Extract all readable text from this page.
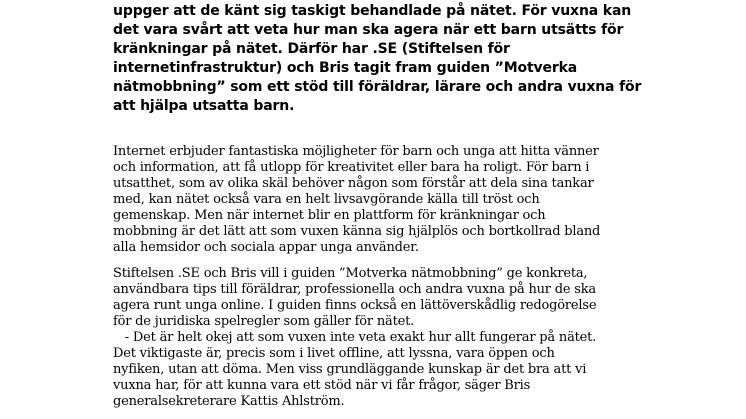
uppger att de känt sig taskigt behandlade på nätet. För vuxna kan
det vara svårt att veta hur man ska agera när ett barn utsätts för
kränkningar på nätet. Därför har .SE (Stiftelsen för
internetinfrastruktur) och Bris tagit fram guiden ”Motverka
nätmobbning” som ett stöd till föräldrar, lärare och andra vuxna för
att hjälpa utsatta barn.
Internet erbjuder fantastiska möjligheter för barn och unga att hitta vänner
och information, att få utlopp för kreativitet eller bara ha roligt. För barn i
utsatthet, som av olika skäl behöver någon som förstår att dela sina tankar
med, kan nätet också vara en helt livsavgörande källa till tröst och
gemenskap. Men när internet blir en plattform för kränkningar och
mobbning är det lätt att som vuxen känna sig hjälplös och bortkollrad bland
alla hemsidor och sociala appar unga använder.
Stiftelsen .SE och Bris vill i guiden ”Motverka nätmobbning” ge konkreta,
användbara tips till föräldrar, professionella och andra vuxna på hur de ska
agera runt unga online. I guiden finns också en lättöverskådlig redogörelse
för de juridiska spelregler som gäller för nätet.
- Det är helt okej att som vuxen inte veta exakt hur allt fungerar på nätet.
Det viktigaste är, precis som i livet offline, att lyssna, vara öppen och
nyfiken, utan att döma. Men viss grundläggande kunskap är det bra att vi
vuxna har, för att kunna vara ett stöd när vi får frågor, säger Bris
generalsekreterare Kattis Ahlström.
